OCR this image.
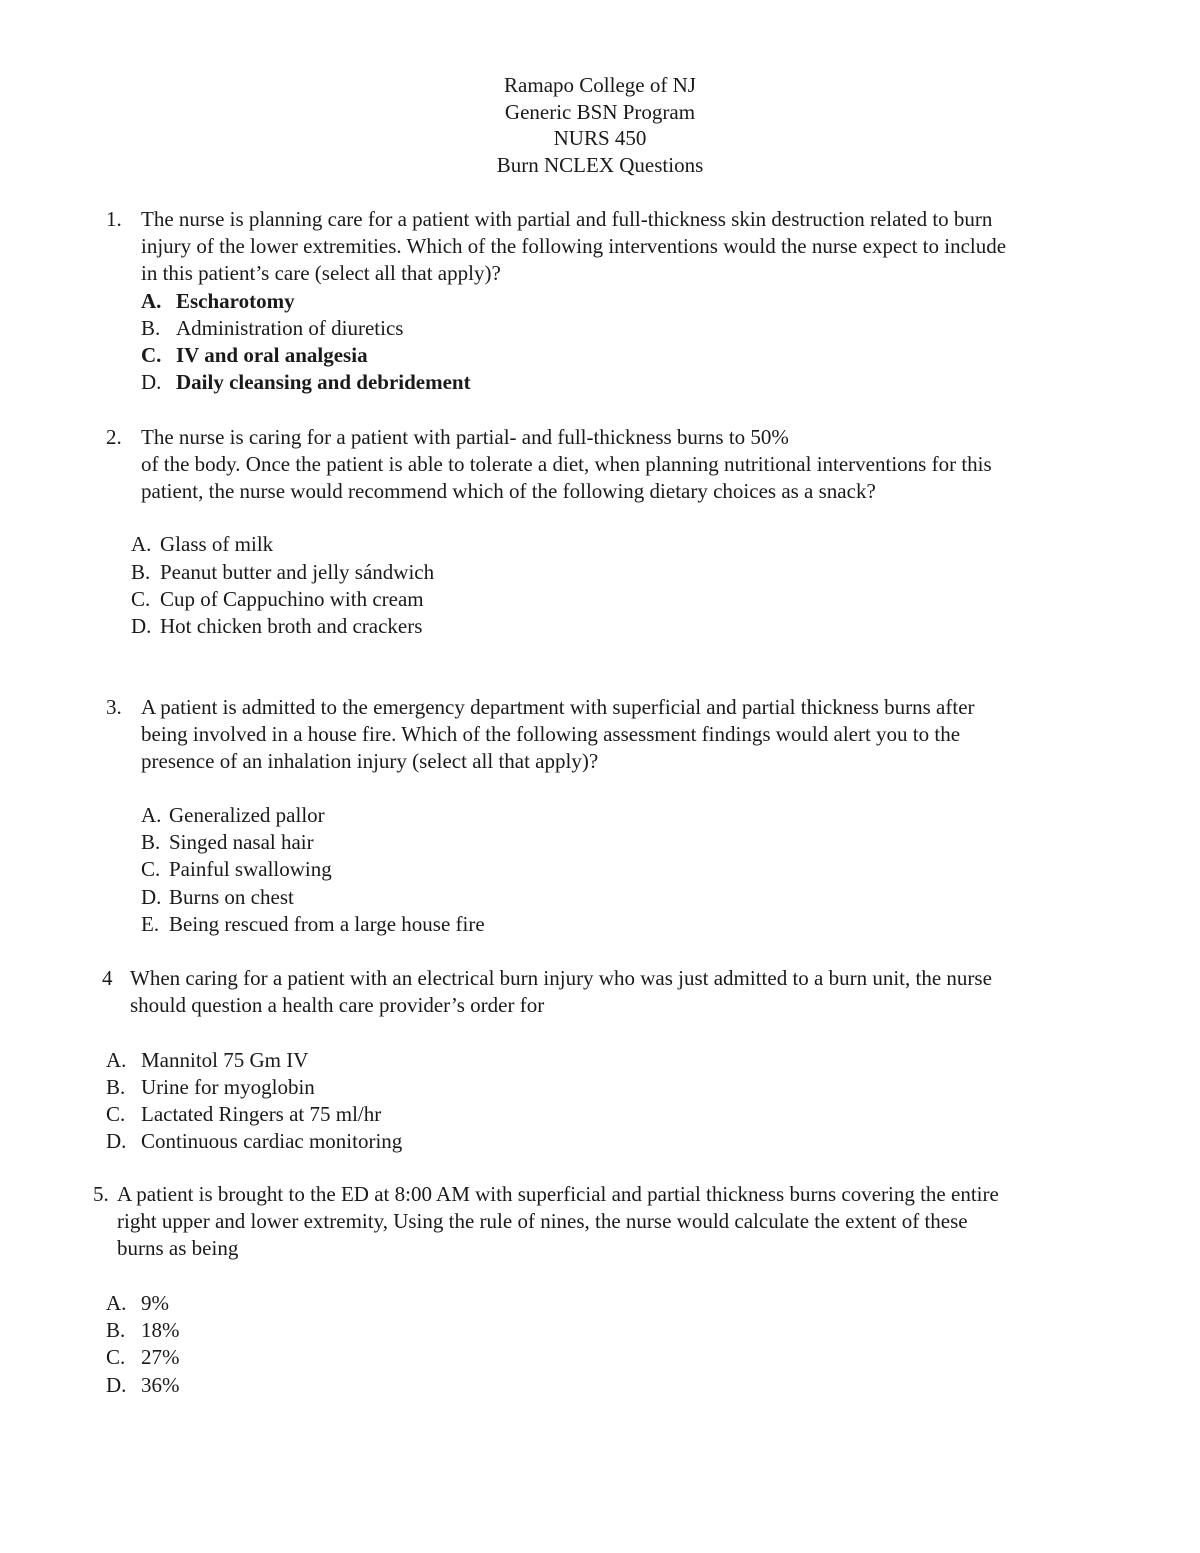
Ramapo College of NJ
Generic BSN Program
NURS 450
Burn NCLEX Questions
1. The nurse is planning care for a patient with partial and full-thickness skin destruction related to burn
injury of the lower extremities. Which of the following interventions would the nurse expect to include
in this patient’s care (select all that apply)?
A. Escharotomy
B. Administration of diuretics
C. IV and oral analgesia
D. Daily cleansing and debridement
2. The nurse is caring for a patient with partial- and full-thickness burns to 50%
of the body. Once the patient is able to tolerate a diet, when planning nutritional interventions for this
patient, the nurse would recommend which of the following dietary choices as a snack?
A. Glass of milk
B. Peanut butter and jelly sándwich
C. Cup of Cappuchino with cream
D. Hot chicken broth and crackers
3. A patient is admitted to the emergency department with superficial and partial thickness burns after
being involved in a house fire. Which of the following assessment findings would alert you to the
presence of an inhalation injury (select all that apply)?
A. Generalized pallor
B. Singed nasal hair
C. Painful swallowing
D. Burns on chest
E. Being rescued from a large house fire
4 When caring for a patient with an electrical burn injury who was just admitted to a burn unit, the nurse
should question a health care provider’s order for
A. Mannitol 75 Gm IV
B. Urine for myoglobin
C. Lactated Ringers at 75 ml/hr
D. Continuous cardiac monitoring
5. A patient is brought to the ED at 8:00 AM with superficial and partial thickness burns covering the entire
right upper and lower extremity, Using the rule of nines, the nurse would calculate the extent of these
burns as being
A. 9%
B. 18%
C. 27%
D. 36%
